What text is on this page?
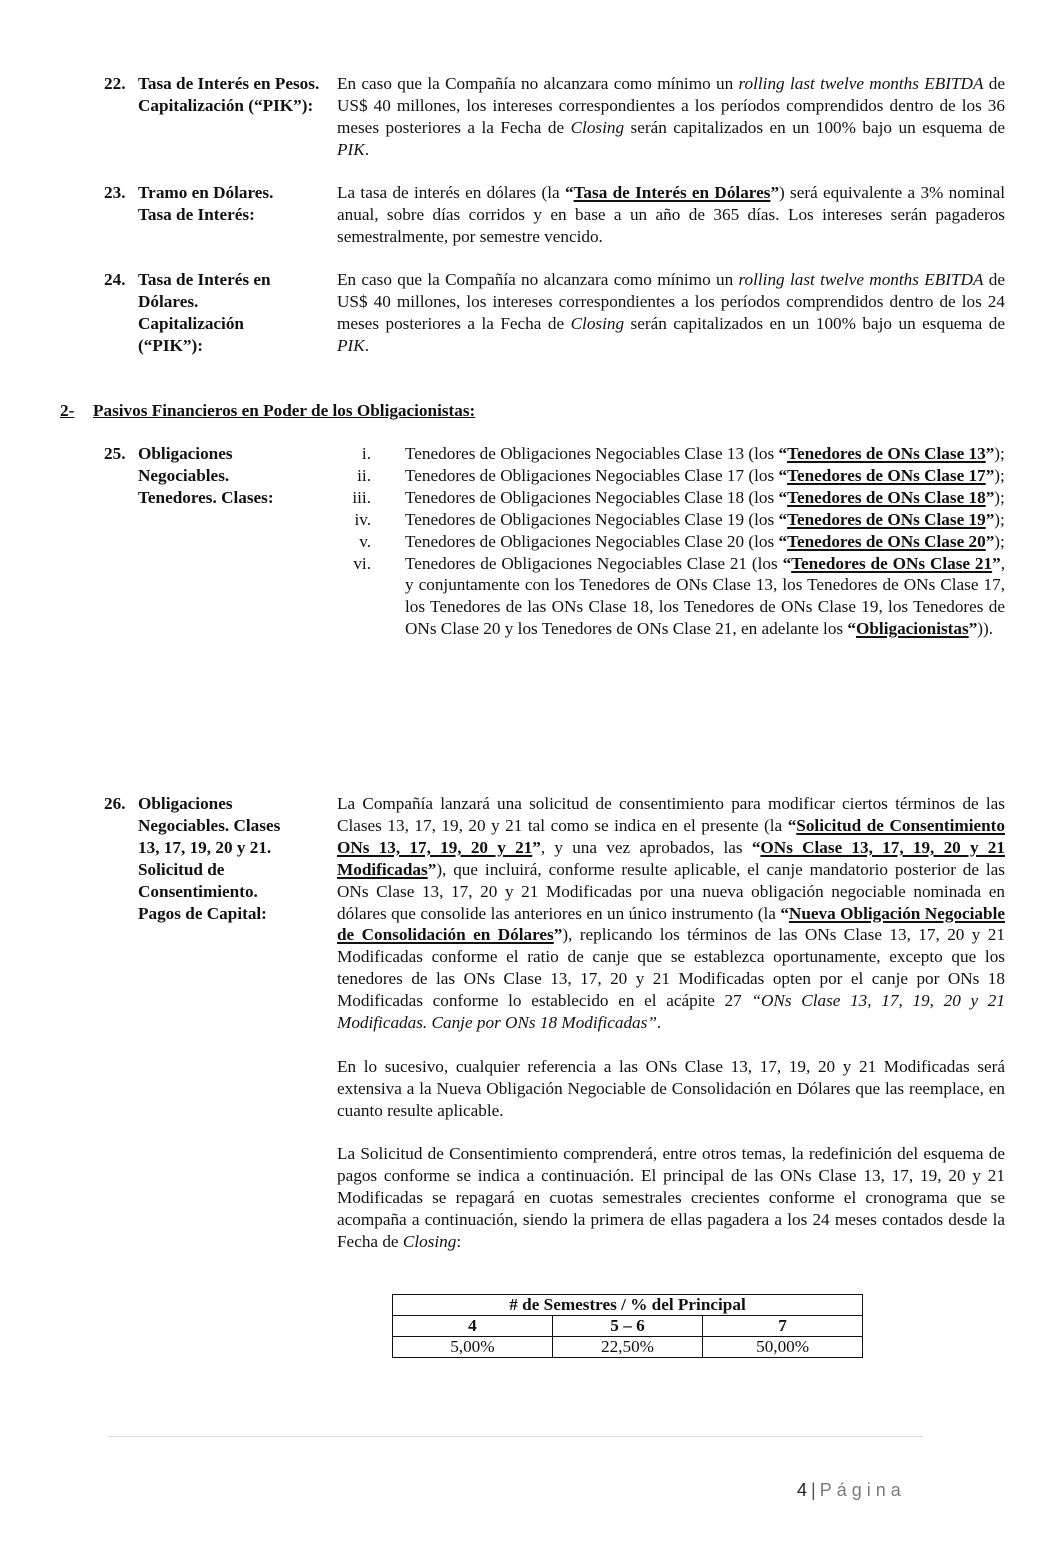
22. Tasa de Interés en Pesos. Capitalización (“PIK”):

En caso que la Compañía no alcanzara como mínimo un rolling last twelve months EBITDA de US$ 40 millones, los intereses correspondientes a los períodos comprendidos dentro de los 36 meses posteriores a la Fecha de Closing serán capitalizados en un 100% bajo un esquema de PIK.

23. Tramo en Dólares. Tasa de Interés:

La tasa de interés en dólares (la “Tasa de Interés en Dólares”) será equivalente a 3% nominal anual, sobre días corridos y en base a un año de 365 días. Los intereses serán pagaderos semestralmente, por semestre vencido.

24. Tasa de Interés en Dólares. Capitalización (“PIK”):

En caso que la Compañía no alcanzara como mínimo un rolling last twelve months EBITDA de US$ 40 millones, los intereses correspondientes a los períodos comprendidos dentro de los 24 meses posteriores a la Fecha de Closing serán capitalizados en un 100% bajo un esquema de PIK.

2- Pasivos Financieros en Poder de los Obligacionistas:
25. Obligaciones Negociables. Tenedores. Clases:
i. Tenedores de Obligaciones Negociables Clase 13 (los “Tenedores de ONs Clase 13”);
ii. Tenedores de Obligaciones Negociables Clase 17 (los “Tenedores de ONs Clase 17”);
iii. Tenedores de Obligaciones Negociables Clase 18 (los “Tenedores de ONs Clase 18”);
iv. Tenedores de Obligaciones Negociables Clase 19 (los “Tenedores de ONs Clase 19”);
v. Tenedores de Obligaciones Negociables Clase 20 (los “Tenedores de ONs Clase 20”);
vi. Tenedores de Obligaciones Negociables Clase 21 (los “Tenedores de ONs Clase 21”, y conjuntamente con los Tenedores de ONs Clase 13, los Tenedores de ONs Clase 17, los Tenedores de las ONs Clase 18, los Tenedores de ONs Clase 19, los Tenedores de ONs Clase 20 y los Tenedores de ONs Clase 21, en adelante los “Obligacionistas”)).
26. Obligaciones Negociables. Clases 13, 17, 19, 20 y 21. Solicitud de Consentimiento. Pagos de Capital:

La Compañía lanzará una solicitud de consentimiento para modificar ciertos términos de las Clases 13, 17, 19, 20 y 21 tal como se indica en el presente (la “Solicitud de Consentimiento ONs 13, 17, 19, 20 y 21”, y una vez aprobados, las “ONs Clase 13, 17, 19, 20 y 21 Modificadas”), que incluirá, conforme resulte aplicable, el canje mandatorio posterior de las ONs Clase 13, 17, 20 y 21 Modificadas por una nueva obligación negociable nominada en dólares que consolide las anteriores en un único instrumento (la “Nueva Obligación Negociable de Consolidación en Dólares”), replicando los términos de las ONs Clase 13, 17, 20 y 21 Modificadas conforme el ratio de canje que se establezca oportunamente, excepto que los tenedores de las ONs Clase 13, 17, 20 y 21 Modificadas opten por el canje por ONs 18 Modificadas conforme lo establecido en el acápite 27 “ONs Clase 13, 17, 19, 20 y 21 Modificadas. Canje por ONs 18 Modificadas”.

En lo sucesivo, cualquier referencia a las ONs Clase 13, 17, 19, 20 y 21 Modificadas será extensiva a la Nueva Obligación Negociable de Consolidación en Dólares que las reemplace, en cuanto resulte aplicable.

La Solicitud de Consentimiento comprenderá, entre otros temas, la redefinición del esquema de pagos conforme se indica a continuación. El principal de las ONs Clase 13, 17, 19, 20 y 21 Modificadas se repagará en cuotas semestrales crecientes conforme el cronograma que se acompaña a continuación, siendo la primera de ellas pagadera a los 24 meses contados desde la Fecha de Closing:

# de Semestres / % del Principal		
4	5 – 6	7
5,00%	22,50%	50,00%
4 | Página
